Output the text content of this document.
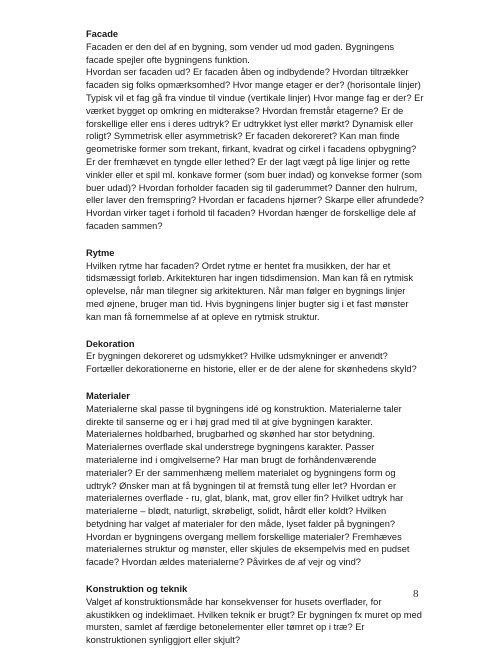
Facade

Facaden er den del af en bygning, som vender ud mod gaden. Bygningens facade spejler ofte bygningens funktion.

Hvordan ser facaden ud? Er facaden åben og indbydende? Hvordan tiltrækker facaden sig folks opmærksomhed? Hvor mange etager er der? (horisontale linjer) Typisk vil et fag gå fra vindue til vindue (vertikale linjer) Hvor mange fag er der? Er værket bygget op omkring en midterakse? Hvordan fremstår etagerne? Er de forskellige eller ens i deres udtryk? Er udtrykket lyst eller mørkt? Dynamisk eller roligt? Symmetrisk eller asymmetrisk? Er facaden dekoreret? Kan man finde geometriske former som trekant, firkant, kvadrat og cirkel i facadens opbygning? Er der fremhævet en tyngde eller lethed? Er der lagt vægt på lige linjer og rette vinkler eller et spil ml. konkave former (som buer indad) og konvekse former (som buer udad)? Hvordan forholder facaden sig til gaderummet? Danner den hulrum, eller laver den fremspring? Hvordan er facadens hjørner? Skarpe eller afrundede? Hvordan virker taget i forhold til facaden? Hvordan hænger de forskellige dele af facaden sammen?

Rytme

Hvilken rytme har facaden? Ordet rytme er hentet fra musikken, der har et tidsmæssigt forløb. Arkitekturen har ingen tidsdimension. Man kan få en rytmisk oplevelse, når man tilegner sig arkitekturen. Når man følger en bygnings linjer med øjnene, bruger man tid. Hvis bygningens linjer bugter sig i et fast mønster kan man få fornemmelse af at opleve en rytmisk struktur.

Dekoration

Er bygningen dekoreret og udsmykket? Hvilke udsmykninger er anvendt?

Fortæller dekorationerne en historie, eller er de der alene for skønhedens skyld?

Materialer

Materialerne skal passe til bygningens idé og konstruktion. Materialerne taler direkte til sanserne og er i høj grad med til at give bygningen karakter. Materialernes holdbarhed, brugbarhed og skønhed har stor betydning. Materialernes overflade skal understrege bygningens karakter. Passer materialerne ind i omgivelserne? Har man brugt de forhåndenværende materialer? Er der sammenhæng mellem materialet og bygningens form og udtryk? Ønsker man at få bygningen til at fremstå tung eller let? Hvordan er materialernes overflade - ru, glat, blank, mat, grov eller fin? Hvilket udtryk har materialerne – blødt, naturligt, skrøbeligt, solidt, hårdt eller koldt? Hvilken betydning har valget af materialer for den måde, lyset falder på bygningen? Hvordan er bygningens overgang mellem forskellige materialer? Fremhæves materialernes struktur og mønster, eller skjules de eksempelvis med en pudset facade? Hvordan ældes materialerne? Påvirkes de af vejr og vind?

Konstruktion og teknik

Valget af konstruktionsmåde har konsekvenser for husets overflader, for akustikken og indeklimaet. Hvilken teknik er brugt? Er bygningen fx muret op med mursten, samlet af færdige betonelementer eller tømret op i træ? Er konstruktionen synliggjort eller skjult?

8
